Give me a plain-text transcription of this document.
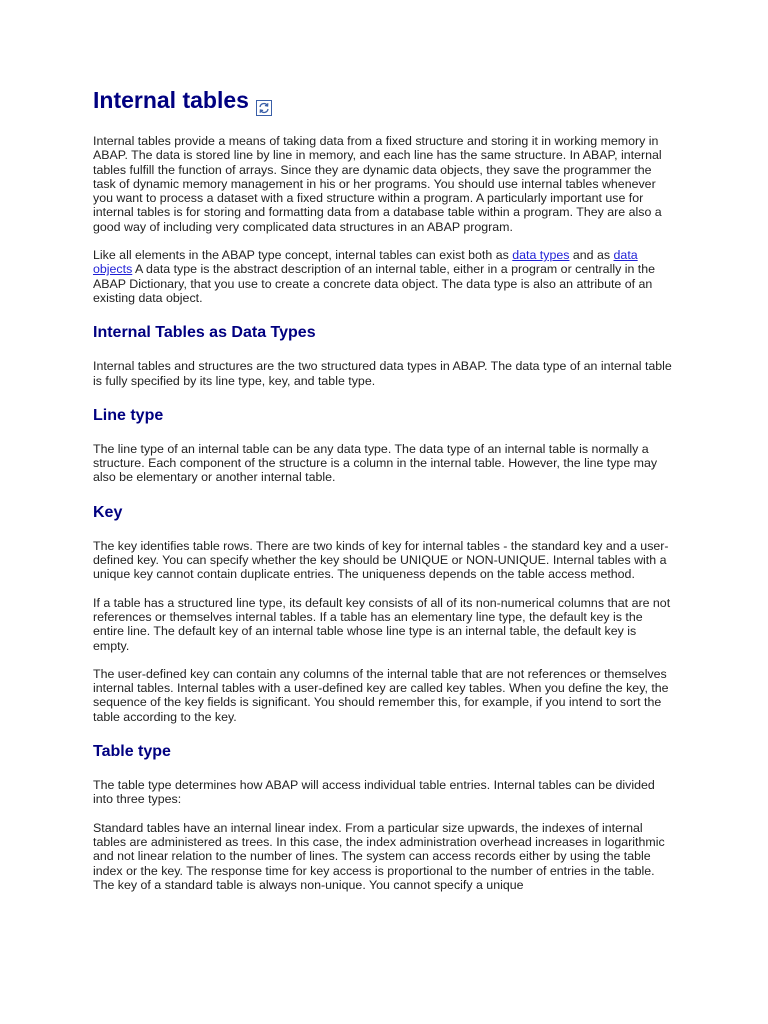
Internal tables

Internal tables provide a means of taking data from a fixed structure and storing it in working memory in ABAP. The data is stored line by line in memory, and each line has the same structure. In ABAP, internal tables fulfill the function of arrays. Since they are dynamic data objects, they save the programmer the task of dynamic memory management in his or her programs. You should use internal tables whenever you want to process a dataset with a fixed structure within a program. A particularly important use for internal tables is for storing and formatting data from a database table within a program. They are also a good way of including very complicated data structures in an ABAP program.

Like all elements in the ABAP type concept, internal tables can exist both as data types and as data objects A data type is the abstract description of an internal table, either in a program or centrally in the ABAP Dictionary, that you use to create a concrete data object. The data type is also an attribute of an existing data object.

Internal Tables as Data Types

Internal tables and structures are the two structured data types in ABAP. The data type of an internal table is fully specified by its line type, key, and table type.

Line type

The line type of an internal table can be any data type. The data type of an internal table is normally a structure. Each component of the structure is a column in the internal table. However, the line type may also be elementary or another internal table.

Key

The key identifies table rows. There are two kinds of key for internal tables - the standard key and a user-defined key. You can specify whether the key should be UNIQUE or NON-UNIQUE. Internal tables with a unique key cannot contain duplicate entries. The uniqueness depends on the table access method.

If a table has a structured line type, its default key consists of all of its non-numerical columns that are not references or themselves internal tables. If a table has an elementary line type, the default key is the entire line. The default key of an internal table whose line type is an internal table, the default key is empty.

The user-defined key can contain any columns of the internal table that are not references or themselves internal tables. Internal tables with a user-defined key are called key tables. When you define the key, the sequence of the key fields is significant. You should remember this, for example, if you intend to sort the table according to the key.

Table type

The table type determines how ABAP will access individual table entries. Internal tables can be divided into three types:

Standard tables have an internal linear index. From a particular size upwards, the indexes of internal tables are administered as trees. In this case, the index administration overhead increases in logarithmic and not linear relation to the number of lines. The system can access records either by using the table index or the key. The response time for key access is proportional to the number of entries in the table. The key of a standard table is always non-unique. You cannot specify a unique
